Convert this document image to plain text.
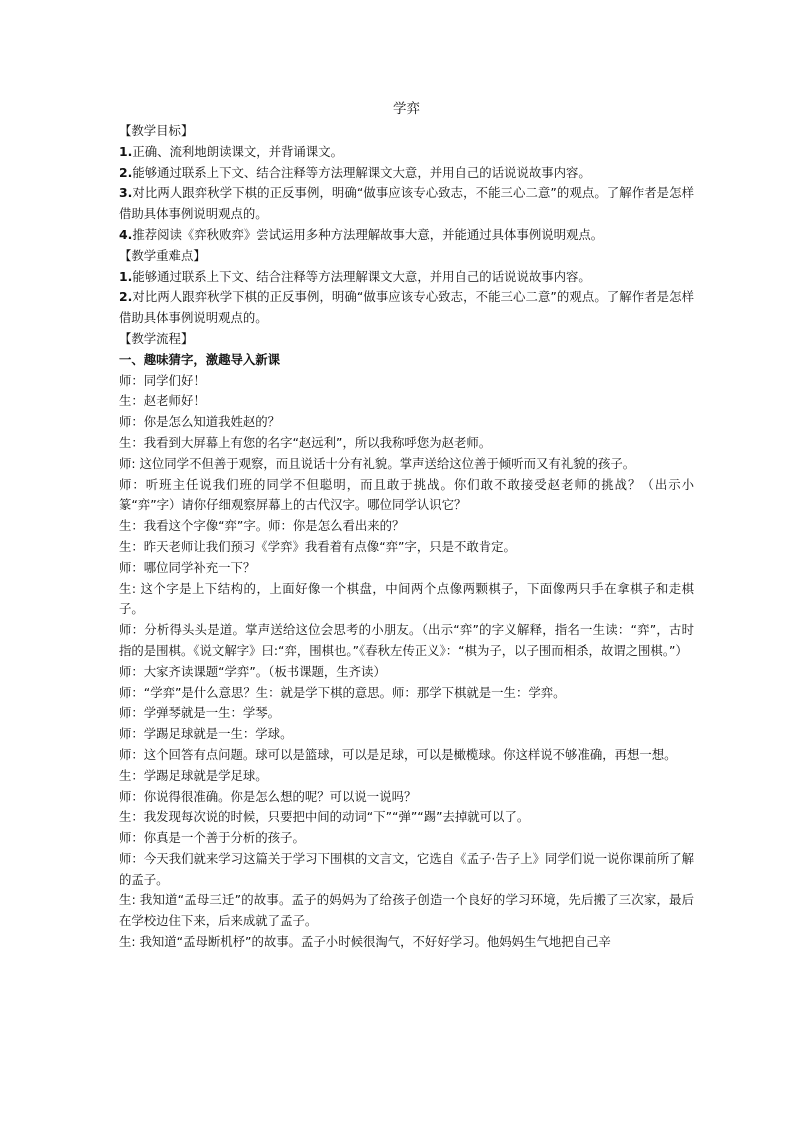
学弈

【教学目标】

1.正确、流利地朗读课文，并背诵课文。

2.能够通过联系上下文、结合注释等方法理解课文大意，并用自己的话说说故事内容。

3.对比两人跟弈秋学下棋的正反事例，明确“做事应该专心致志，不能三心二意”的观点。了解作者是怎样借助具体事例说明观点的。

4.推荐阅读《弈秋败弈》尝试运用多种方法理解故事大意，并能通过具体事例说明观点。

【教学重难点】

1.能够通过联系上下文、结合注释等方法理解课文大意，并用自己的话说说故事内容。

2.对比两人跟弈秋学下棋的正反事例，明确“做事应该专心致志，不能三心二意”的观点。了解作者是怎样借助具体事例说明观点的。

【教学流程】

一、趣味猜字，激趣导入新课

师：同学们好！

生：赵老师好！

师：你是怎么知道我姓赵的？

生：我看到大屏幕上有您的名字“赵远利”，所以我称呼您为赵老师。

师: 这位同学不但善于观察，而且说话十分有礼貌。掌声送给这位善于倾听而又有礼貌的孩子。

师：听班主任说我们班的同学不但聪明，而且敢于挑战。你们敢不敢接受赵老师的挑战？（出示小篆“弈”字）请你仔细观察屏幕上的古代汉字。哪位同学认识它？

生：我看这个字像“弈”字。师：你是怎么看出来的？

生：昨天老师让我们预习《学弈》我看着有点像“弈”字，只是不敢肯定。

师：哪位同学补充一下？

生: 这个字是上下结构的，上面好像一个棋盘，中间两个点像两颗棋子，下面像两只手在拿棋子和走棋子。

师：分析得头头是道。掌声送给这位会思考的小朋友。（出示“弈”的字义解释，指名一生读：“弈”，古时指的是围棋。《说文解字》曰:“弈，围棋也。”《春秋左传正义》：“棋为子，以子围而相杀，故谓之围棋。”）

师：大家齐读课题“学弈”。（板书课题，生齐读）

师：“学弈”是什么意思？生：就是学下棋的意思。师：那学下棋就是一生：学弈。

师：学弹琴就是一生：学琴。

师：学踢足球就是一生：学球。

师：这个回答有点问题。球可以是篮球，可以是足球，可以是橄榄球。你这样说不够准确，再想一想。

生：学踢足球就是学足球。

师：你说得很准确。你是怎么想的呢？可以说一说吗？

生：我发现每次说的时候，只要把中间的动词“下”“弹”“踢”去掉就可以了。

师：你真是一个善于分析的孩子。

师：今天我们就来学习这篇关于学习下围棋的文言文，它选自《孟子·告子上》同学们说一说你课前所了解的孟子。

生: 我知道“孟母三迁”的故事。孟子的妈妈为了给孩子创造一个良好的学习环境，先后搬了三次家，最后在学校边住下来，后来成就了孟子。

生: 我知道“孟母断机杼”的故事。孟子小时候很淘气，不好好学习。他妈妈生气地把自己辛
